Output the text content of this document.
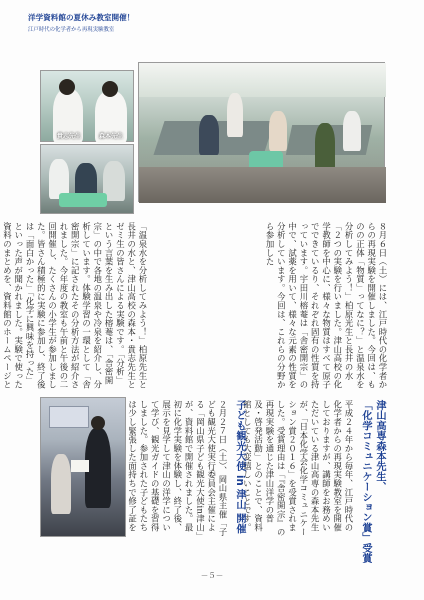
洋学資料館の夏休み教室開催！
江戸時代の化学者から再現実験教室
貴志先生	森本先生
８月６日（土）には、江戸時代の化学者からの再現実験を開催しました。今回は、ものの正体「物質」ってなに？」と温泉水を分析してみよう！」柏原光生と長井の水「２つの実験を行いました。津山高校の化学教師を中心に、様々な物質はすべて原子でできているり、それぞれ固有の性質を持っています。宇田川榕菴は「舎密開宗」の中で、試薬を用いて、様々な元素の性質を分析しています。今回は、これらの分野から参加した
「温泉水を分析してみよう！」柏原先生と長井の水と、津山高校の森本・貴志先生とゼミ生の皆さんによる実験です。「分析」という言葉を生み出した榕菴は、「舎密開宗」の中で各地の温泉や冷泉を紹介し、分析しています。体験学習の一環として「舎密開宗」に記されたその分析方法が紹介されました。今年度の教室も午前と午後の二回開催し、たくさんの小学生が参加しました。皆さん積極的に実験に参加し、終了後は「面白かった」「化学に興味を持った」といった声が聞かれました。実験で使った資料のまとめを、資料館のホームページと
津山高専森本先生、
「化学コミュニケーション賞」受賞
平成２４年から毎年、江戸時代の化学者からの再現実験教室を開催しておりますが、講師をお務めいただいている津山高専の森本先生が、「日本化学会化学コミュニケーション賞２０１６」を受賞されました。受賞理由は「『舎密開宗』の再現実験を通じた津山洋学の普及・啓発活動」とのことで、資料館としても大変嬉しいことです。
子ども観光大使 in 津山 開催
２月２７日（土）、岡山県主催「子ども観光大使実行委員会主催による「岡山県子ども観光大使in津山」が、資料館で開催されました。最初に化学実験を体験し、終了後、展示を見学して津山の洋学について学び、観光ガイドの基礎を習得しました。参加された子どもたちは少し緊張した面持ちで修了証を
－５－
